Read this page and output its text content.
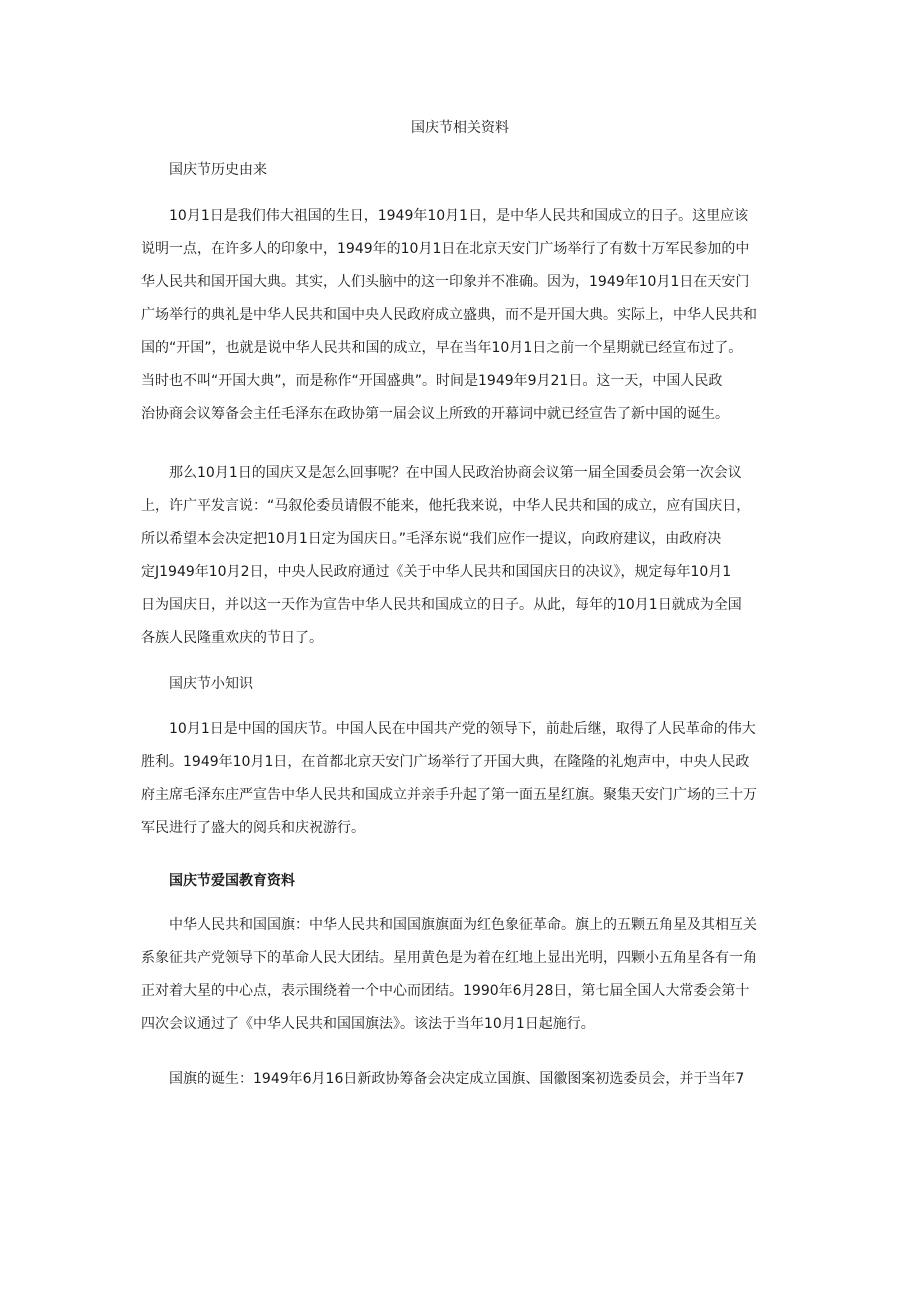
国庆节相关资料
国庆节历史由来
　　10月1日是我们伟大祖国的生日，1949年10月1日，是中华人民共和国成立的日子。这里应该
说明一点，在许多人的印象中，1949年的10月1日在北京天安门广场举行了有数十万军民参加的中
华人民共和国开国大典。其实，人们头脑中的这一印象并不准确。因为，1949年10月1日在天安门
广场举行的典礼是中华人民共和国中央人民政府成立盛典，而不是开国大典。实际上，中华人民共和
国的“开国”，也就是说中华人民共和国的成立，早在当年10月1日之前一个星期就已经宣布过了。
当时也不叫“开国大典”，而是称作“开国盛典”。时间是1949年9月21日。这一天，中国人民政
治协商会议筹备会主任毛泽东在政协第一届会议上所致的开幕词中就已经宣告了新中国的诞生。
　　那么10月1日的国庆又是怎么回事呢？在中国人民政治协商会议第一届全国委员会第一次会议
上，许广平发言说：“马叙伦委员请假不能来，他托我来说，中华人民共和国的成立，应有国庆日，
所以希望本会决定把10月1日定为国庆日。”毛泽东说“我们应作一提议，向政府建议，由政府决
定J1949年10月2日，中央人民政府通过《关于中华人民共和国国庆日的决议》，规定每年10月1
日为国庆日，并以这一天作为宣告中华人民共和国成立的日子。从此，每年的10月1日就成为全国
各族人民隆重欢庆的节日了。
国庆节小知识
　　10月1日是中国的国庆节。中国人民在中国共产党的领导下，前赴后继，取得了人民革命的伟大
胜利。1949年10月1日，在首都北京天安门广场举行了开国大典，在隆隆的礼炮声中，中央人民政
府主席毛泽东庄严宣告中华人民共和国成立并亲手升起了第一面五星红旗。聚集天安门广场的三十万
军民进行了盛大的阅兵和庆祝游行。
国庆节爱国教育资料
　　中华人民共和国国旗：中华人民共和国国旗旗面为红色象征革命。旗上的五颗五角星及其相互关
系象征共产党领导下的革命人民大团结。星用黄色是为着在红地上显出光明，四颗小五角星各有一角
正对着大星的中心点，表示围绕着一个中心而团结。1990年6月28日，第七届全国人大常委会第十
四次会议通过了《中华人民共和国国旗法》。该法于当年10月1日起施行。
　　国旗的诞生：1949年6月16日新政协筹备会决定成立国旗、国徽图案初选委员会，并于当年7
